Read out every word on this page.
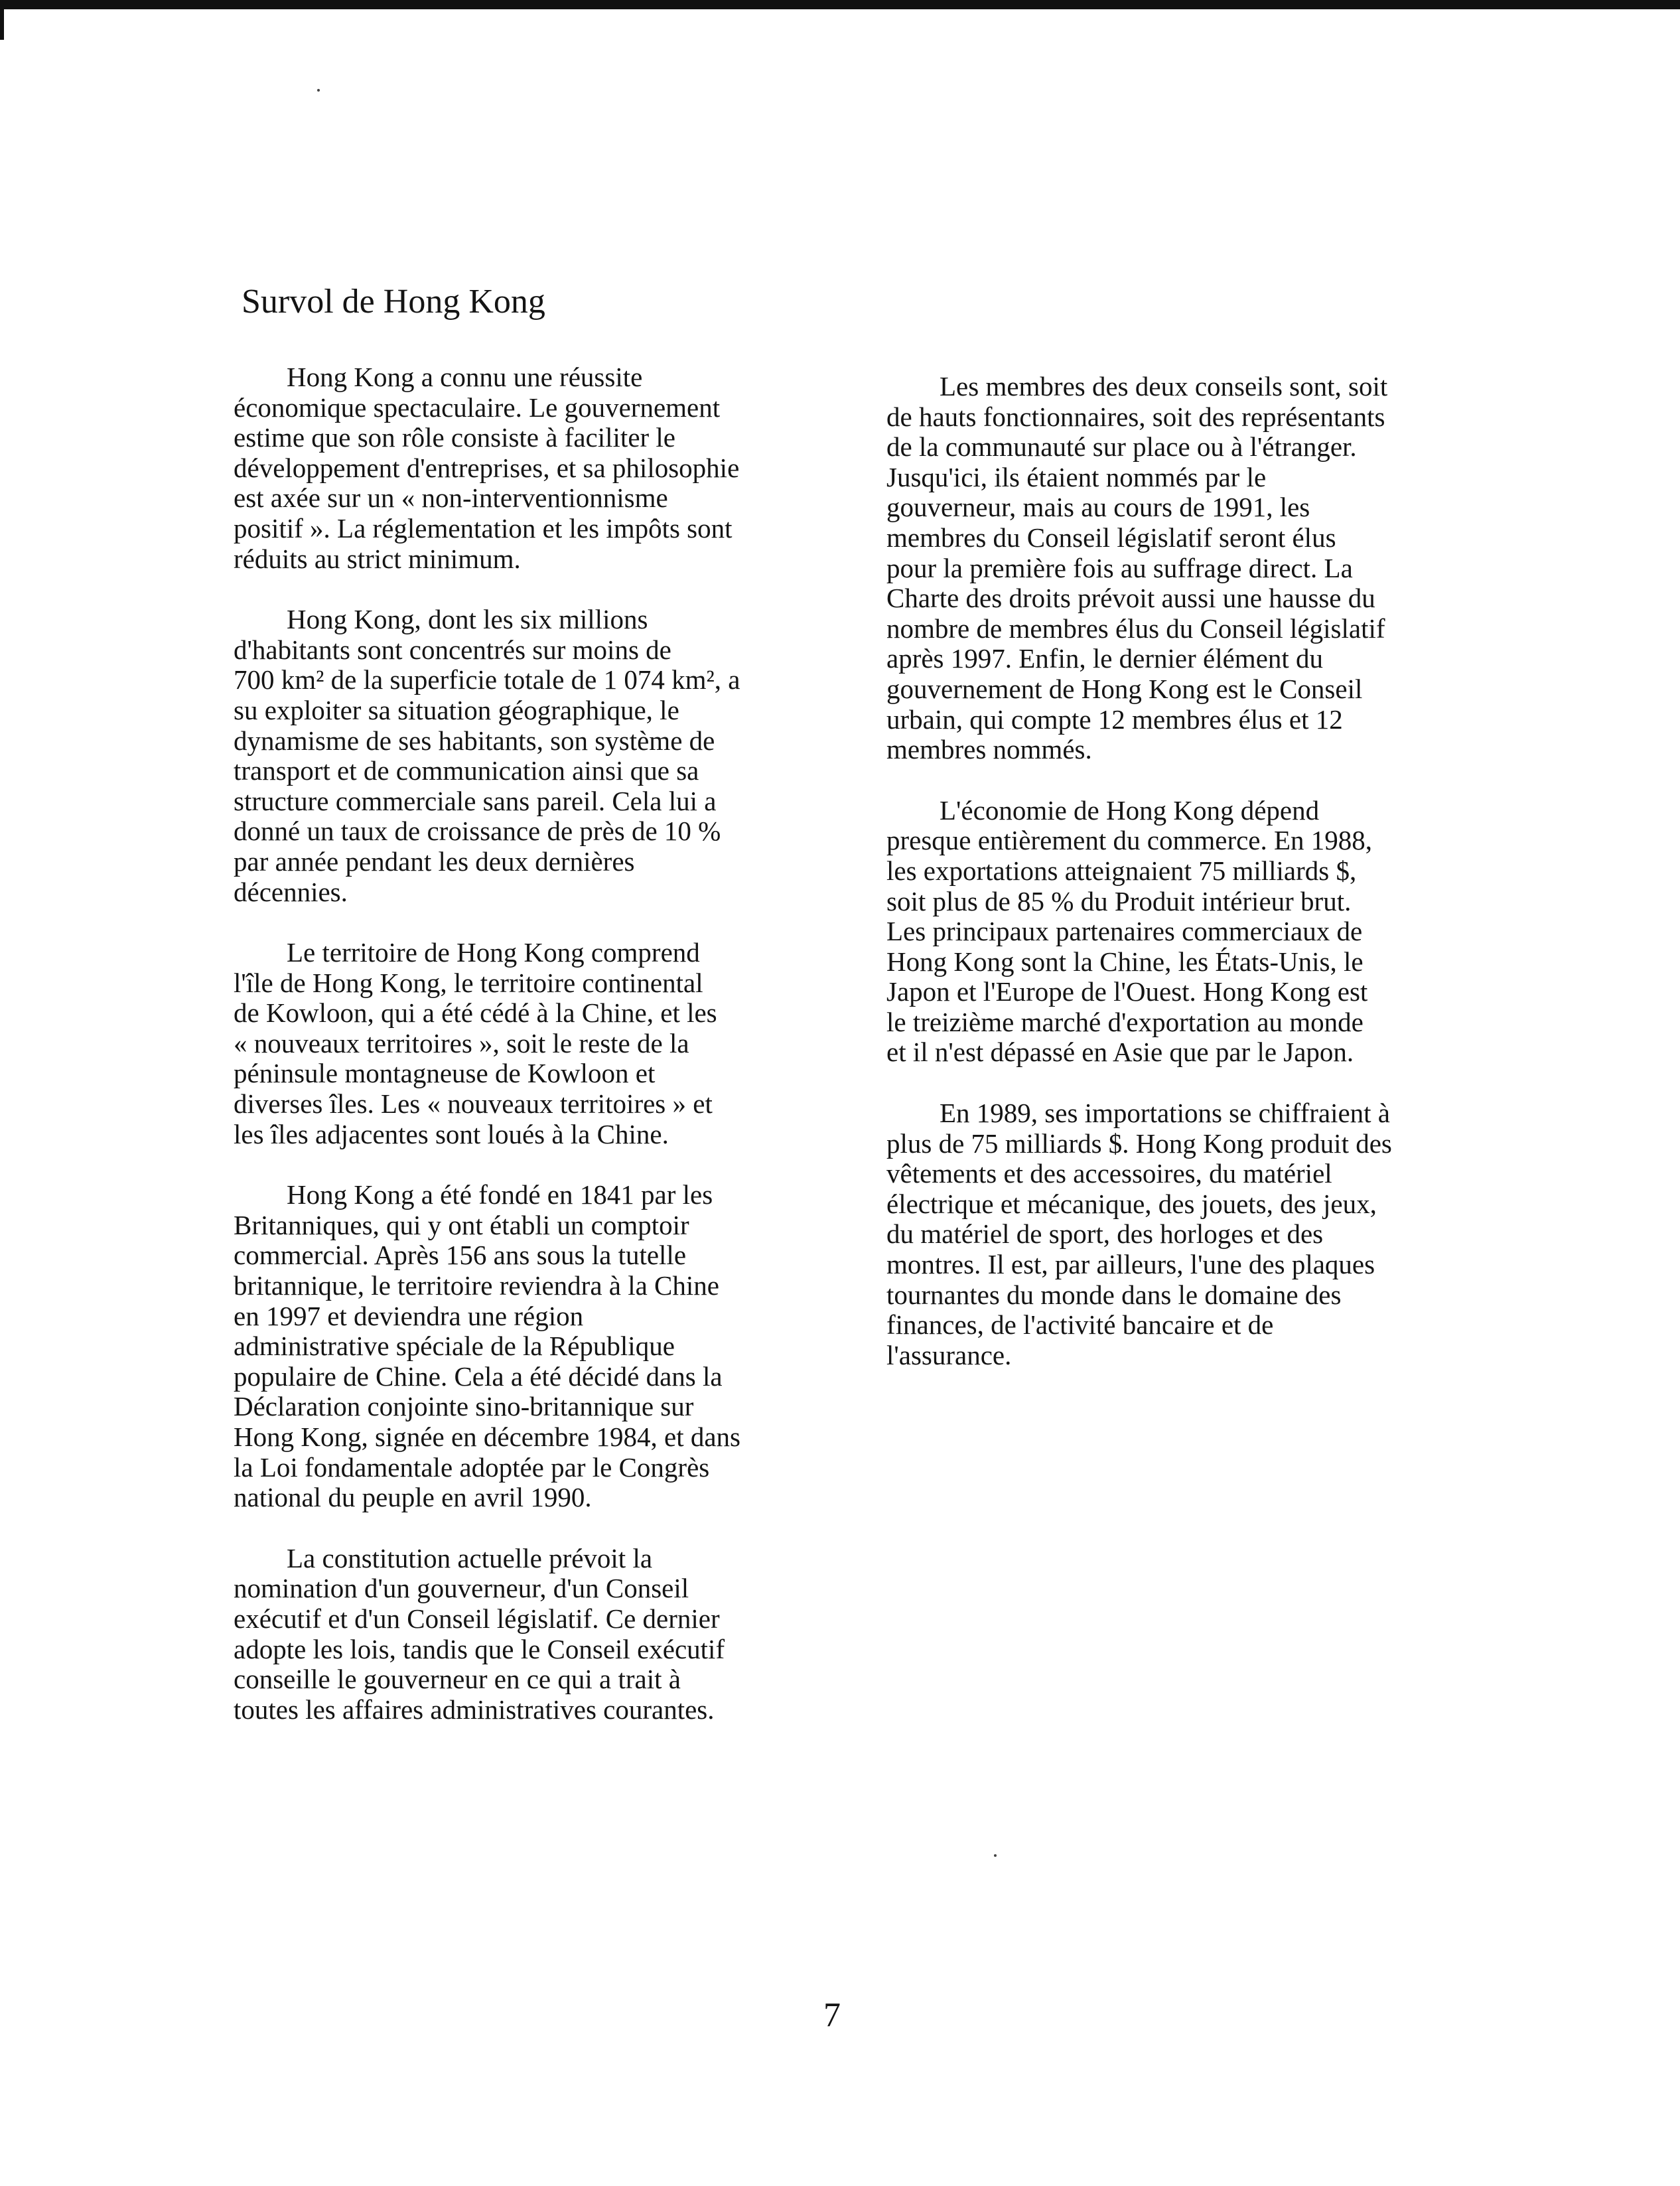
Survol de Hong Kong

Hong Kong a connu une réussite
économique spectaculaire. Le gouvernement
estime que son rôle consiste à faciliter le
développement d'entreprises, et sa philosophie
est axée sur un « non-interventionnisme
positif ». La réglementation et les impôts sont
réduits au strict minimum.

Hong Kong, dont les six millions
d'habitants sont concentrés sur moins de
700 km² de la superficie totale de 1 074 km², a
su exploiter sa situation géographique, le
dynamisme de ses habitants, son système de
transport et de communication ainsi que sa
structure commerciale sans pareil. Cela lui a
donné un taux de croissance de près de 10 %
par année pendant les deux dernières
décennies.

Le territoire de Hong Kong comprend
l'île de Hong Kong, le territoire continental
de Kowloon, qui a été cédé à la Chine, et les
« nouveaux territoires », soit le reste de la
péninsule montagneuse de Kowloon et
diverses îles. Les « nouveaux territoires » et
les îles adjacentes sont loués à la Chine.

Hong Kong a été fondé en 1841 par les
Britanniques, qui y ont établi un comptoir
commercial. Après 156 ans sous la tutelle
britannique, le territoire reviendra à la Chine
en 1997 et deviendra une région
administrative spéciale de la République
populaire de Chine. Cela a été décidé dans la
Déclaration conjointe sino-britannique sur
Hong Kong, signée en décembre 1984, et dans
la Loi fondamentale adoptée par le Congrès
national du peuple en avril 1990.

La constitution actuelle prévoit la
nomination d'un gouverneur, d'un Conseil
exécutif et d'un Conseil législatif. Ce dernier
adopte les lois, tandis que le Conseil exécutif
conseille le gouverneur en ce qui a trait à
toutes les affaires administratives courantes.

Les membres des deux conseils sont, soit
de hauts fonctionnaires, soit des représentants
de la communauté sur place ou à l'étranger.
Jusqu'ici, ils étaient nommés par le
gouverneur, mais au cours de 1991, les
membres du Conseil législatif seront élus
pour la première fois au suffrage direct. La
Charte des droits prévoit aussi une hausse du
nombre de membres élus du Conseil législatif
après 1997. Enfin, le dernier élément du
gouvernement de Hong Kong est le Conseil
urbain, qui compte 12 membres élus et 12
membres nommés.

L'économie de Hong Kong dépend
presque entièrement du commerce. En 1988,
les exportations atteignaient 75 milliards $,
soit plus de 85 % du Produit intérieur brut.
Les principaux partenaires commerciaux de
Hong Kong sont la Chine, les États-Unis, le
Japon et l'Europe de l'Ouest. Hong Kong est
le treizième marché d'exportation au monde
et il n'est dépassé en Asie que par le Japon.

En 1989, ses importations se chiffraient à
plus de 75 milliards $. Hong Kong produit des
vêtements et des accessoires, du matériel
électrique et mécanique, des jouets, des jeux,
du matériel de sport, des horloges et des
montres. Il est, par ailleurs, l'une des plaques
tournantes du monde dans le domaine des
finances, de l'activité bancaire et de
l'assurance.

7
